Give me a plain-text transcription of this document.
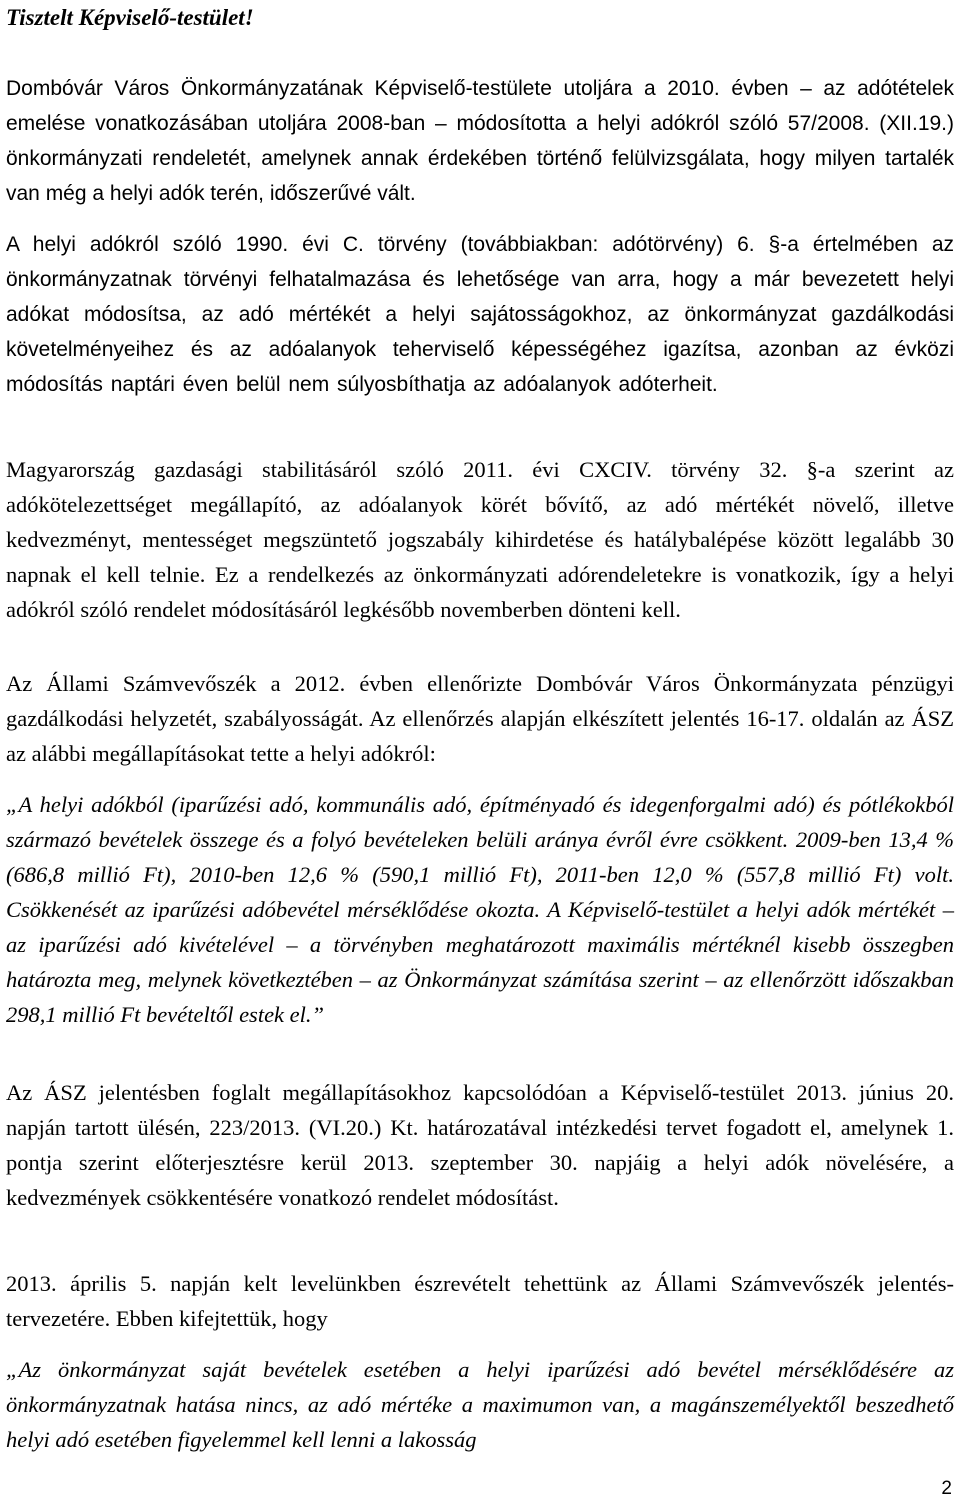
Tisztelt Képviselő-testület!

Dombóvár Város Önkormányzatának Képviselő-testülete utoljára a 2010. évben – az adótételek emelése vonatkozásában utoljára 2008-ban – módosította a helyi adókról szóló 57/2008. (XII.19.) önkormányzati rendeletét, amelynek annak érdekében történő felülvizsgálata, hogy milyen tartalék van még a helyi adók terén, időszerűvé vált.

A helyi adókról szóló 1990. évi C. törvény (továbbiakban: adótörvény) 6. §-a értelmében az önkormányzatnak törvényi felhatalmazása és lehetősége van arra, hogy a már bevezetett helyi adókat módosítsa, az adó mértékét a helyi sajátosságokhoz, az önkormányzat gazdálkodási követelményeihez és az adóalanyok teherviselő képességéhez igazítsa, azonban az évközi módosítás naptári éven belül nem súlyosbíthatja az adóalanyok adóterheit.

Magyarország gazdasági stabilitásáról szóló 2011. évi CXCIV. törvény 32. §-a szerint az adókötelezettséget megállapító, az adóalanyok körét bővítő, az adó mértékét növelő, illetve kedvezményt, mentességet megszüntető jogszabály kihirdetése és hatálybalépése között legalább 30 napnak el kell telnie. Ez a rendelkezés az önkormányzati adórendeletekre is vonatkozik, így a helyi adókról szóló rendelet módosításáról legkésőbb novemberben dönteni kell.

Az Állami Számvevőszék a 2012. évben ellenőrizte Dombóvár Város Önkormányzata pénzügyi gazdálkodási helyzetét, szabályosságát. Az ellenőrzés alapján elkészített jelentés 16-17. oldalán az ÁSZ az alábbi megállapításokat tette a helyi adókról:

„A helyi adókból (iparűzési adó, kommunális adó, építményadó és idegenforgalmi adó) és pótlékokból származó bevételek összege és a folyó bevételeken belüli aránya évről évre csökkent. 2009-ben 13,4 % (686,8 millió Ft), 2010-ben 12,6 % (590,1 millió Ft), 2011-ben 12,0 % (557,8 millió Ft) volt. Csökkenését az iparűzési adóbevétel mérséklődése okozta. A Képviselő-testület a helyi adók mértékét – az iparűzési adó kivételével – a törvényben meghatározott maximális mértéknél kisebb összegben határozta meg, melynek következtében – az Önkormányzat számítása szerint – az ellenőrzött időszakban 298,1 millió Ft bevételtől estek el.”

Az ÁSZ jelentésben foglalt megállapításokhoz kapcsolódóan a Képviselő-testület 2013. június 20. napján tartott ülésén, 223/2013. (VI.20.) Kt. határozatával intézkedési tervet fogadott el, amelynek 1. pontja szerint előterjesztésre kerül 2013. szeptember 30. napjáig a helyi adók növelésére, a kedvezmények csökkentésére vonatkozó rendelet módosítást.

2013. április 5. napján kelt levelünkben észrevételt tehettünk az Állami Számvevőszék jelentés-tervezetére. Ebben kifejtettük, hogy

„Az önkormányzat saját bevételek esetében a helyi iparűzési adó bevétel mérséklődésére az önkormányzatnak hatása nincs, az adó mértéke a maximumon van, a magánszemélyektől beszedhető helyi adó esetében figyelemmel kell lenni a lakosság

2
